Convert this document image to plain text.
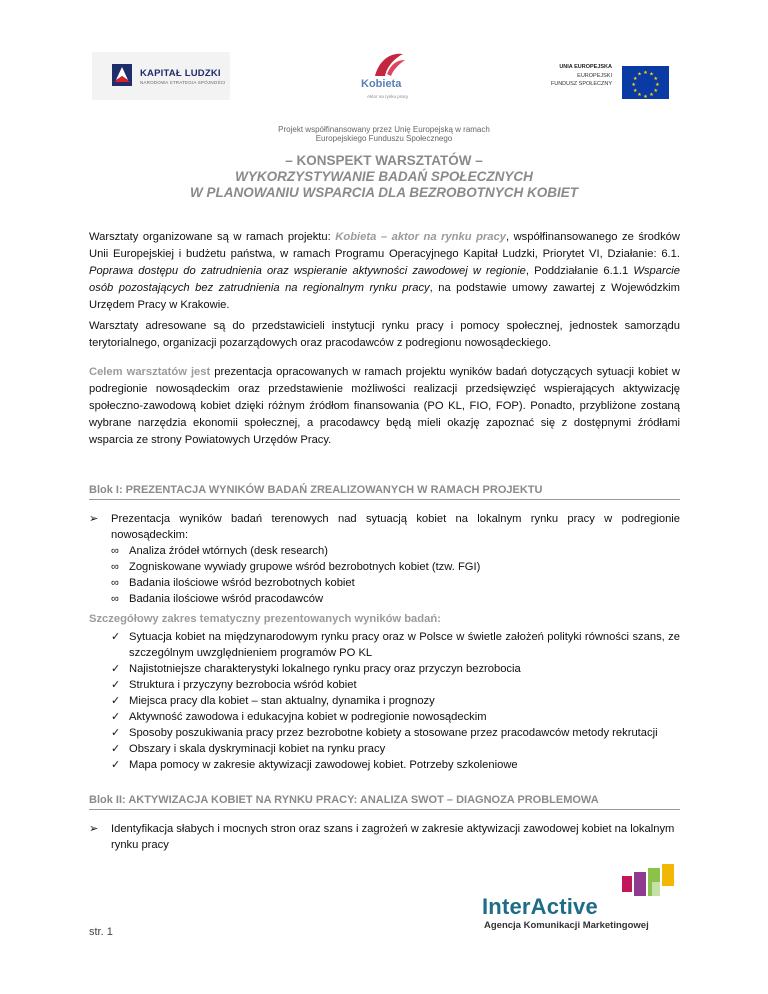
KAPITAŁ LUDZKI
NARODOWA STRATEGIA SPÓJNOŚCI	Kobieta
Aktor na rynku pracy
UNIA EUROPEJSKA
EUROPEJSKI
FUNDUSZ SPOŁECZNY
★ ★
★
★
★
★
★
★
★
★
★
★
Projekt współfinansowany przez Unię Europejską w ramach
Europejskiego Funduszu Społecznego
– KONSPEKT WARSZTATÓW –
WYKORZYSTYWANIE BADAŃ SPOŁECZNYCH
W PLANOWANIU WSPARCIA DLA BEZROBOTNYCH KOBIET
Warsztaty organizowane są w ramach projektu: Kobieta – aktor na rynku pracy, współfinansowanego ze środków Unii Europejskiej i budżetu państwa, w ramach Programu Operacyjnego Kapitał Ludzki, Priorytet VI, Działanie: 6.1. Poprawa dostępu do zatrudnienia oraz wspieranie aktywności zawodowej w regionie, Poddziałanie 6.1.1 Wsparcie osób pozostających bez zatrudnienia na regionalnym rynku pracy, na podstawie umowy zawartej z Wojewódzkim Urzędem Pracy w Krakowie.
Warsztaty adresowane są do przedstawicieli instytucji rynku pracy i pomocy społecznej, jednostek samorządu terytorialnego, organizacji pozarządowych oraz pracodawców z podregionu nowosądeckiego.
Celem warsztatów jest prezentacja opracowanych w ramach projektu wyników badań dotyczących sytuacji kobiet w podregionie nowosądeckim oraz przedstawienie możliwości realizacji przedsięwzięć wspierających aktywizację społeczno-zawodową kobiet dzięki różnym źródłom finansowania (PO KL, FIO, FOP). Ponadto, przybliżone zostaną wybrane narzędzia ekonomii społecznej, a pracodawcy będą mieli okazję zapoznać się z dostępnymi źródłami wsparcia ze strony Powiatowych Urzędów Pracy.
Blok I: PREZENTACJA WYNIKÓW BADAŃ ZREALIZOWANYCH W RAMACH PROJEKTU
➢ Prezentacja wyników badań terenowych nad sytuacją kobiet na lokalnym rynku pracy w podregionie nowosądeckim:
∞ Analiza źródeł wtórnych (desk research)
∞ Zogniskowane wywiady grupowe wśród bezrobotnych kobiet (tzw. FGI)
∞ Badania ilościowe wśród bezrobotnych kobiet
∞ Badania ilościowe wśród pracodawców
Szczegółowy zakres tematyczny prezentowanych wyników badań:
✓ Sytuacja kobiet na międzynarodowym rynku pracy oraz w Polsce w świetle założeń polityki równości szans, ze szczególnym uwzględnieniem programów PO KL
✓ Najistotniejsze charakterystyki lokalnego rynku pracy oraz przyczyn bezrobocia
✓ Struktura i przyczyny bezrobocia wśród kobiet
✓ Miejsca pracy dla kobiet – stan aktualny, dynamika i prognozy
✓ Aktywność zawodowa i edukacyjna kobiet w podregionie nowosądeckim
✓ Sposoby poszukiwania pracy przez bezrobotne kobiety a stosowane przez pracodawców metody rekrutacji
✓ Obszary i skala dyskryminacji kobiet na rynku pracy
✓ Mapa pomocy w zakresie aktywizacji zawodowej kobiet. Potrzeby szkoleniowe
Blok II: AKTYWIZACJA KOBIET NA RYNKU PRACY: ANALIZA SWOT – DIAGNOZA PROBLEMOWA
➢ Identyfikacja słabych i mocnych stron oraz szans i zagrożeń w zakresie aktywizacji zawodowej kobiet na lokalnym rynku pracy
str. 1
InterActive
Agencja Komunikacji Marketingowej
